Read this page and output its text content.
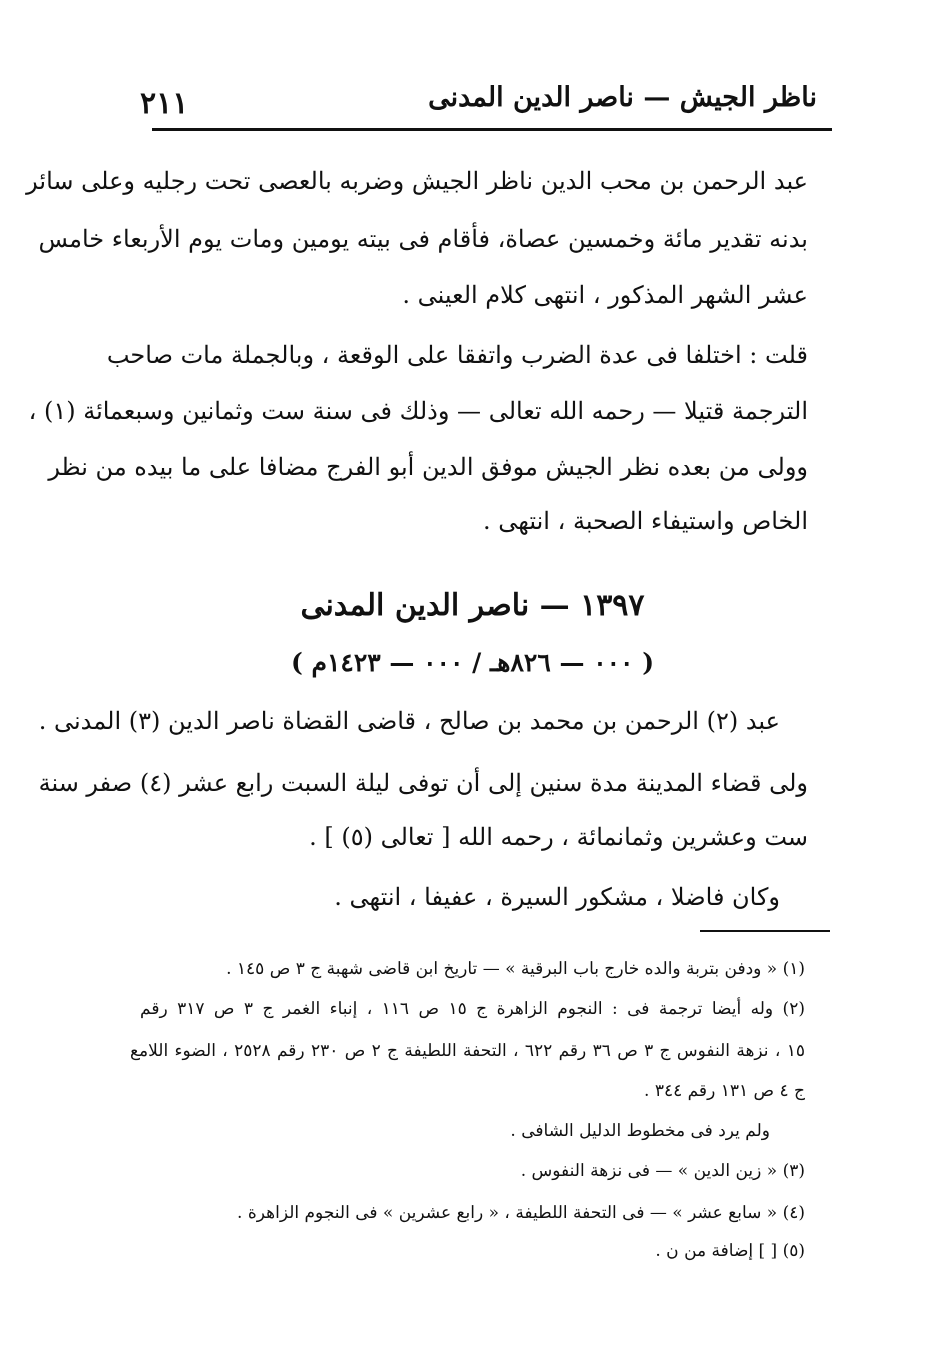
٢١١	ناظر الجيش — ناصر الدين المدنى
عبد الرحمن بن محب الدين ناظر الجيش وضربه بالعصى تحت رجليه وعلى سائر
بدنه تقدير مائة وخمسين عصاة، فأقام فى بيته يومين ومات يوم الأربعاء خامس
عشر الشهر المذكور ، انتهى كلام العينى .
قلت : اختلفا فى عدة الضرب واتفقا على الوقعة ، وبالجملة مات صاحب
الترجمة قتيلا — رحمه الله تعالى — وذلك فى سنة ست وثمانين وسبعمائة (١) ،
وولى من بعده نظر الجيش موفق الدين أبو الفرج مضافا على ما بيده من نظر
الخاص واستيفاء الصحبة ، انتهى .
١٣٩٧ — ناصر الدين المدنى
( ٠٠٠ — ٨٢٦هـ / ٠٠٠ — ١٤٢٣م )
عبد (٢) الرحمن بن محمد بن صالح ، قاضى القضاة ناصر الدين (٣) المدنى .
ولى قضاء المدينة مدة سنين إلى أن توفى ليلة السبت رابع عشر (٤) صفر سنة
ست وعشرين وثمانمائة ، رحمه الله [ تعالى (٥) ] .
وكان فاضلا ، مشكور السيرة ، عفيفا ، انتهى .
(١) « ودفن بتربة والده خارج باب البرقية » — تاريخ ابن قاضى شهبة ج ٣ ص ١٤٥ .
(٢) وله أيضا ترجمة فى : النجوم الزاهرة ج ١٥ ص ١١٦ ، إنباء الغمر ج ٣ ص ٣١٧ رقم
١٥ ، نزهة النفوس ج ٣ ص ٣٦ رقم ٦٢٢ ، التحفة اللطيفة ج ٢ ص ٢٣٠ رقم ٢٥٢٨ ، الضوء اللامع
ج ٤ ص ١٣١ رقم ٣٤٤ .
ولم يرد فى مخطوط الدليل الشافى .
(٣) « زين الدين » — فى نزهة النفوس .
(٤) « سابع عشر » — فى التحفة اللطيفة ، « رابع عشرين » فى النجوم الزاهرة .
(٥) [ ] إضافة من ن .
